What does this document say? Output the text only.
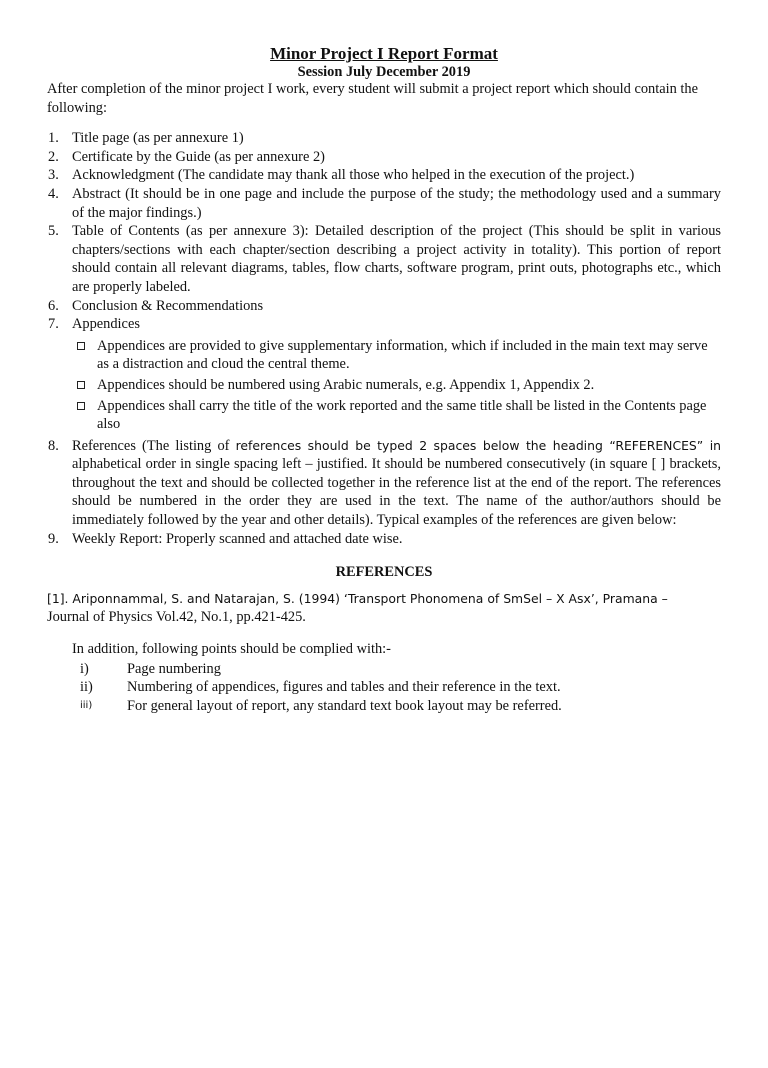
Minor Project I Report Format
Session July December 2019

After completion of the minor project I work, every student will submit a project report which should contain the following:

1. Title page (as per annexure 1)
2. Certificate by the Guide (as per annexure 2)
3. Acknowledgment (The candidate may thank all those who helped in the execution of the project.)
4. Abstract (It should be in one page and include the purpose of the study; the methodology used and a summary of the major findings.)
5. Table of Contents (as per annexure 3): Detailed description of the project (This should be split in various chapters/sections with each chapter/section describing a project activity in totality). This portion of report should contain all relevant diagrams, tables, flow charts, software program, print outs, photographs etc., which are properly labeled.
6. Conclusion & Recommendations
7. Appendices
Appendices are provided to give supplementary information, which if included in the main text may serve as a distraction and cloud the central theme.
Appendices should be numbered using Arabic numerals, e.g. Appendix 1, Appendix 2.
Appendices shall carry the title of the work reported and the same title shall be listed in the Contents page also
8. References (The listing of references should be typed 2 spaces below the heading “REFERENCES” in alphabetical order in single spacing left – justified. It should be numbered consecutively (in square [ ] brackets, throughout the text and should be collected together in the reference list at the end of the report. The references should be numbered in the order they are used in the text. The name of the author/authors should be immediately followed by the year and other details). Typical examples of the references are given below:
9. Weekly Report: Properly scanned and attached date wise.
REFERENCES

[1]. Ariponnammal, S. and Natarajan, S. (1994) ‘Transport Phonomena of SmSel – X Asx’, Pramana –
Journal of Physics Vol.42, No.1, pp.421-425.

In addition, following points should be complied with:-

i)	Page numbering
ii) Numbering of appendices, figures and tables and their reference in the text.
iii) For general layout of report, any standard text book layout may be referred.
